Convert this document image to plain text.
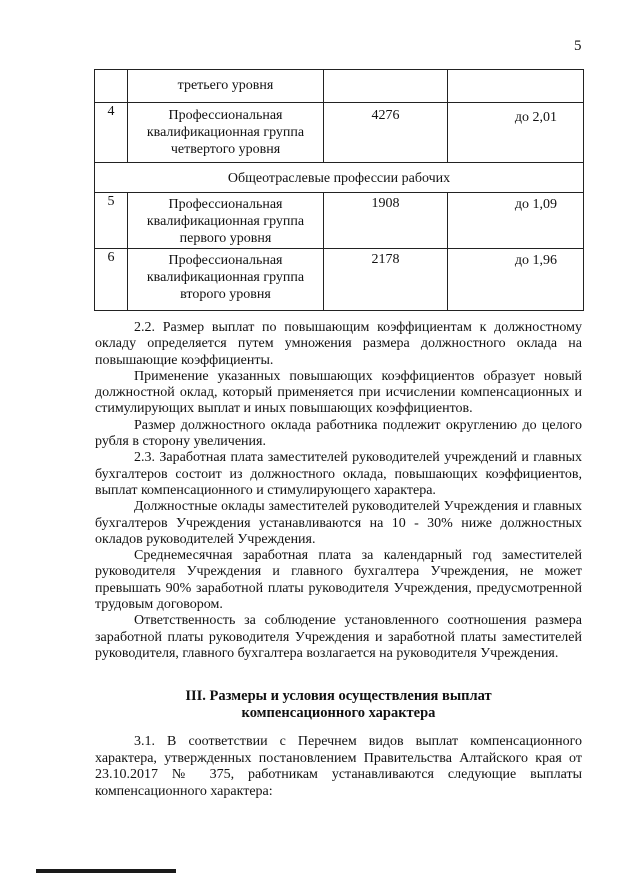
5
	третьего уровня		
4	Профессиональная квалификационная группа четвертого уровня	4276	до 2,01
Общеотраслевые профессии рабочих			
5	Профессиональная квалификационная группа первого уровня	1908	до 1,09
6	Профессиональная квалификационная группа второго уровня	2178	до 1,96

2.2. Размер выплат по повышающим коэффициентам к должностному окладу определяется путем умножения размера должностного оклада на повышающие коэффициенты.

Применение указанных повышающих коэффициентов образует новый должностной оклад, который применяется при исчислении компенсационных и стимулирующих выплат и иных повышающих коэффициентов.

Размер должностного оклада работника подлежит округлению до целого рубля в сторону увеличения.

2.3. Заработная плата заместителей руководителей учреждений и главных бухгалтеров состоит из должностного оклада, повышающих коэффициентов, выплат компенсационного и стимулирующего характера.

Должностные оклады заместителей руководителей Учреждения и главных бухгалтеров Учреждения устанавливаются на 10 - 30% ниже должностных окладов руководителей Учреждения.

Среднемесячная заработная плата за календарный год заместителей руководителя Учреждения и главного бухгалтера Учреждения, не может превышать 90% заработной платы руководителя Учреждения, предусмотренной трудовым договором.

Ответственность за соблюдение установленного соотношения размера заработной платы руководителя Учреждения и заработной платы заместителей руководителя, главного бухгалтера возлагается на руководителя Учреждения.

III. Размеры и условия осуществления выплат
компенсационного характера

3.1. В соответствии с Перечнем видов выплат компенсационного характера, утвержденных постановлением Правительства Алтайского края от 23.10.2017 № 375, работникам устанавливаются следующие выплаты компенсационного характера:
